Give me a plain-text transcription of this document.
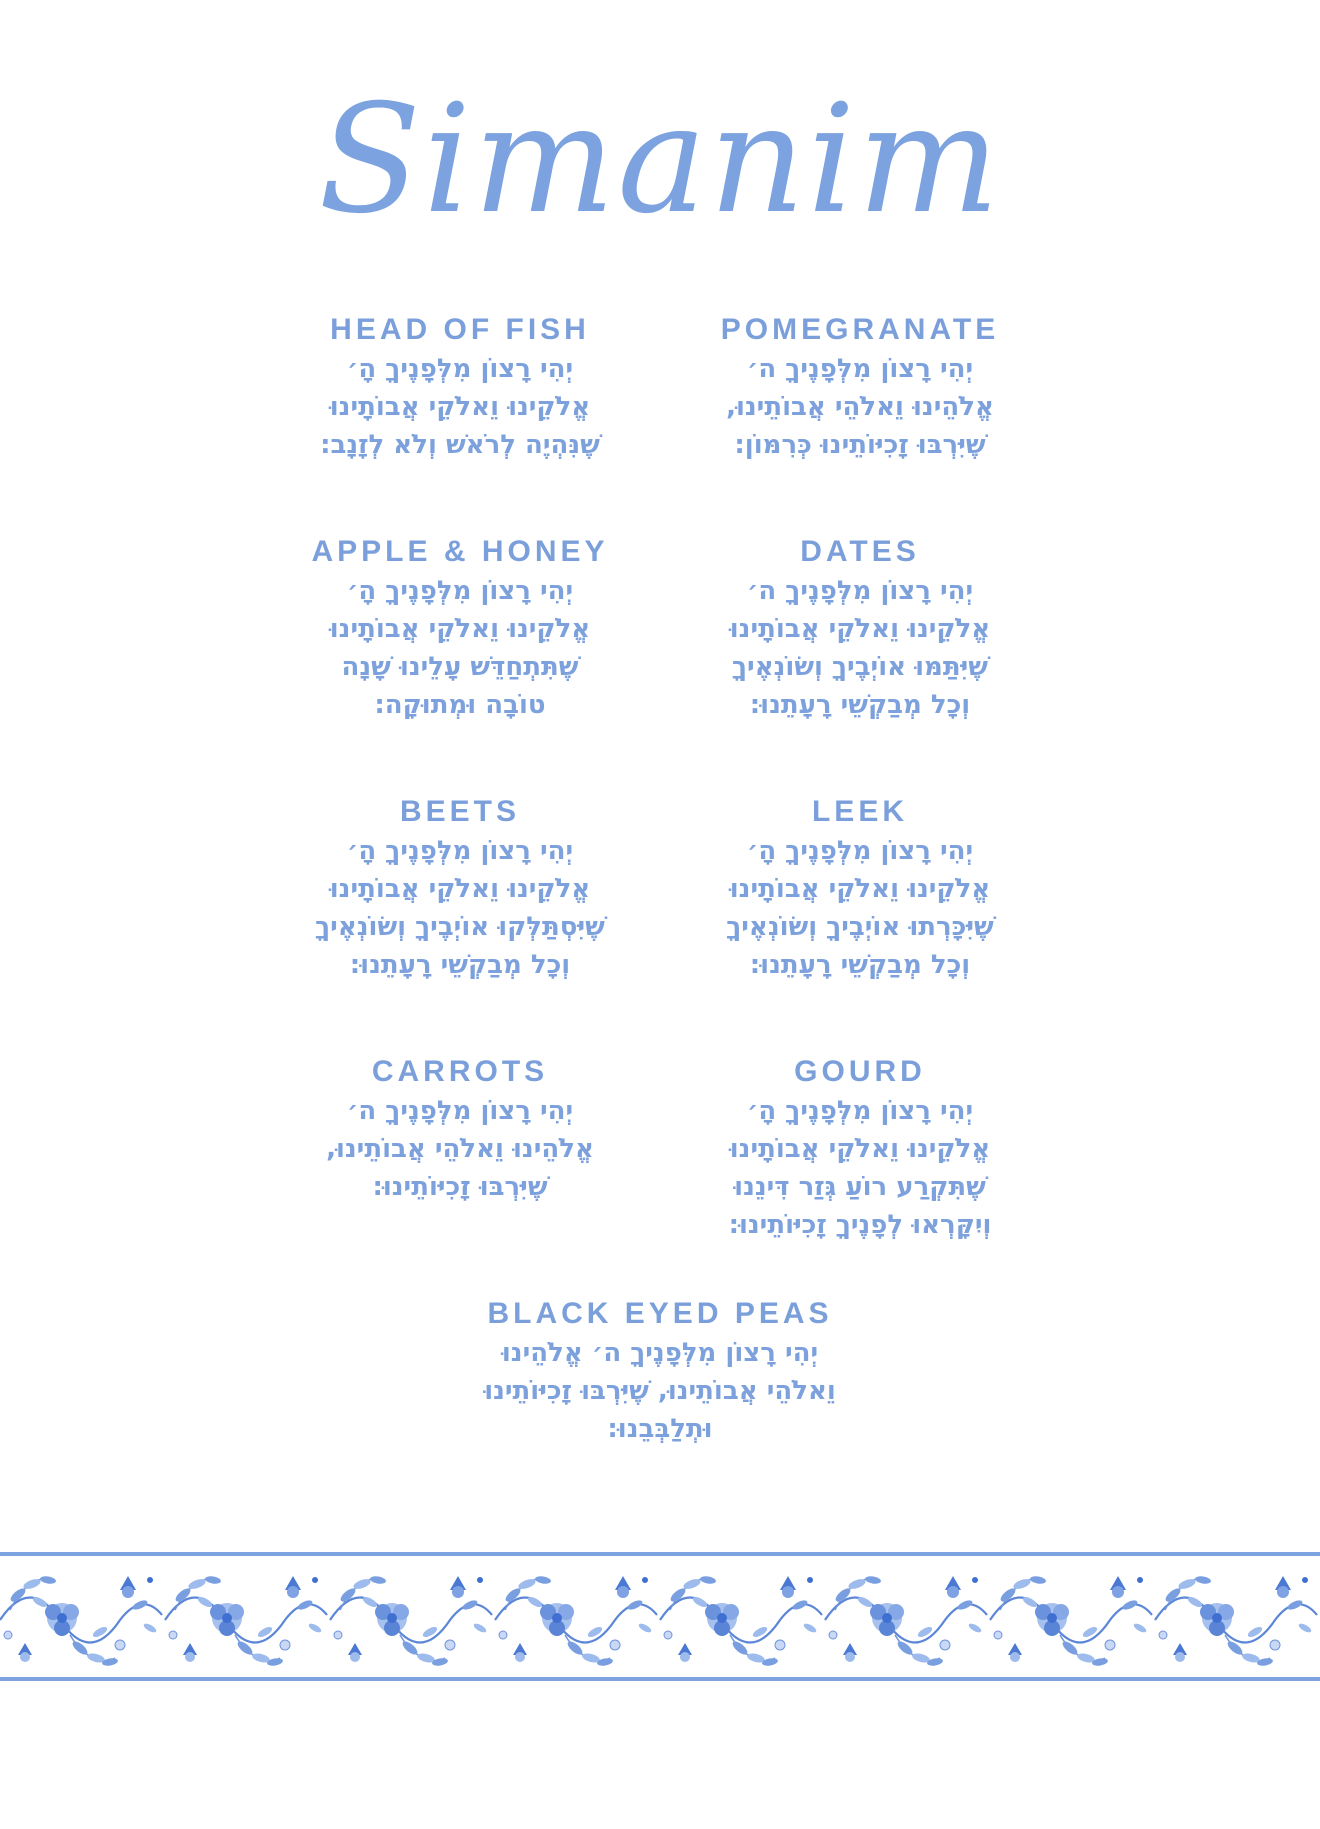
Simanim
HEAD OF FISH
יְהִי רָצוֹן מִלְּפָנֶיךָ הָ׳
אֱלֹקֵינוּ וֵאלֹקֵי אֲבוֹתָינוּ
שֶׁנִּהְיֶה לְרֹאשׁ וְלֹא לְזָנָב:
POMEGRANATE
יְהִי רָצוֹן מִלְּפָנֶיךָ ה׳
אֱלֹהֵינוּ וֵאלֹהֵי אֲבוֹתֵינוּ,
שֶׁיִּרְבּוּ זָכִיּוֹתֵינוּ כְּרִמּוֹן:
APPLE & HONEY
יְהִי רָצוֹן מִלְּפָנֶיךָ הָ׳
אֱלֹקֵינוּ וֵאלֹקֵי אֲבוֹתָינוּ
שֶׁתִּתְחַדֵּשׁ עָלֵינוּ שָׁנָה
טוֹבָה וּמְתוּקָה:
DATES
יְהִי רָצוֹן מִלְּפָנֶיךָ ה׳
אֱלֹקֵינוּ וֵאלֹקֵי אֲבוֹתָינוּ
שֶׁיִּתַּמּוּ אוֹיְבֶיךָ וְשׂוֹנְאֶיךָ
וְכָל מְבַקְשֵׁי רָעָתֵנוּ:
BEETS
יְהִי רָצוֹן מִלְּפָנֶיךָ הָ׳
אֱלֹקֵינוּ וֵאלֹקֵי אֲבוֹתָינוּ
שֶׁיִּסְתַּלְּקוּ אוֹיְבֶיךָ וְשׂוֹנְאֶיךָ
וְכָל מְבַקְשֵׁי רָעָתֵנוּ:
LEEK
יְהִי רָצוֹן מִלְּפָנֶיךָ הָ׳
אֱלֹקֵינוּ וֵאלֹקֵי אֲבוֹתָינוּ
שֶׁיִּכָּרְתוּ אוֹיְבֶיךָ וְשׂוֹנְאֶיךָ
וְכָל מְבַקְשֵׁי רָעָתֵנוּ:
CARROTS
יְהִי רָצוֹן מִלְּפָנֶיךָ ה׳
אֱלֹהֵינוּ וֵאלֹהֵי אֲבוֹתֵינוּ,
שֶׁיִּרְבּוּ זָכִיּוֹתֵינוּ:
GOURD
יְהִי רָצוֹן מִלְּפָנֶיךָ הָ׳
אֱלֹקֵינוּ וֵאלֹקֵי אֲבוֹתָינוּ
שֶׁתִּקְרַע רוֹעַ גְּזַר דִּינֵנוּ
וְיִקָּרְאוּ לְפָנֶיךָ זָכִיּוֹתֵינוּ:
BLACK EYED PEAS
יְהִי רָצוֹן מִלְּפָנֶיךָ ה׳ אֱלֹהֵינוּ
וֵאלֹהֵי אֲבוֹתֵינוּ, שֶׁיִּרְבּוּ זָכִיּוֹתֵינוּ
וּתְלַבְּבֵנוּ:
